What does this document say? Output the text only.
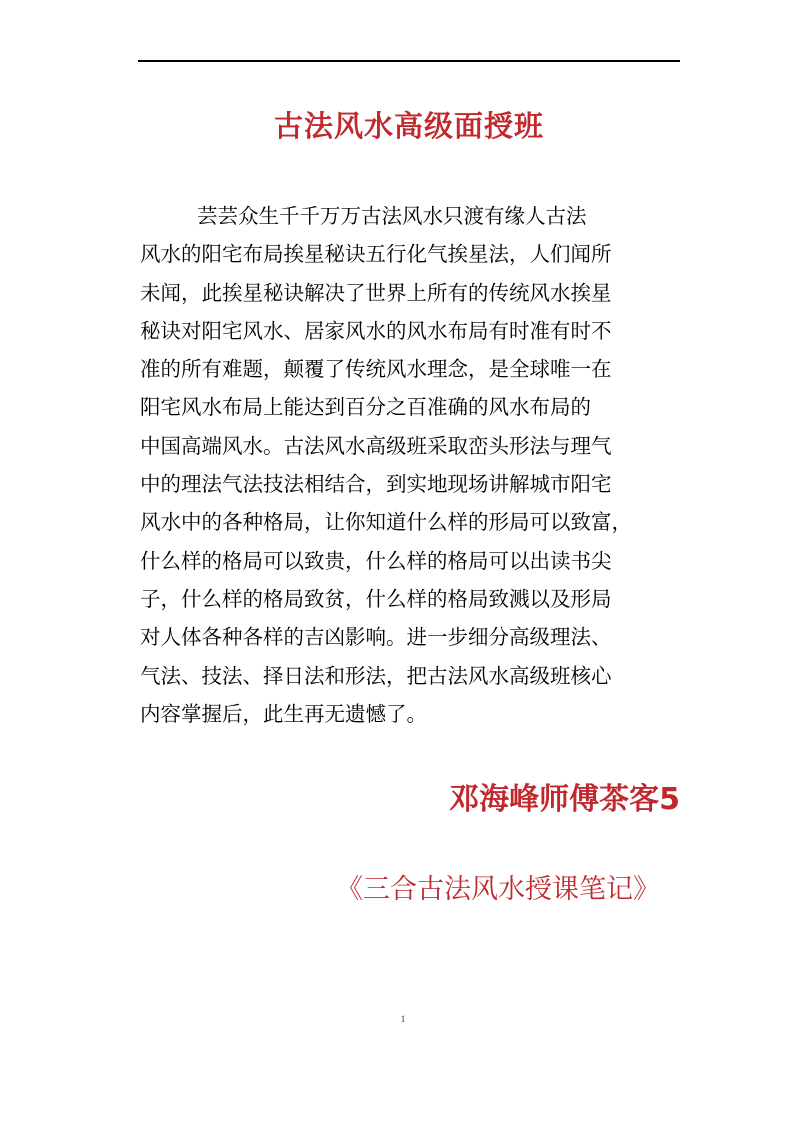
古法风水高级面授班
芸芸众生千千万万古法风水只渡有缘人古法
风水的阳宅布局挨星秘诀五行化气挨星法，人们闻所
未闻，此挨星秘诀解决了世界上所有的传统风水挨星
秘诀对阳宅风水、居家风水的风水布局有时准有时不
准的所有难题，颠覆了传统风水理念，是全球唯一在
阳宅风水布局上能达到百分之百准确的风水布局的
中国高端风水。古法风水高级班采取峦头形法与理气
中的理法气法技法相结合，到实地现场讲解城市阳宅
风水中的各种格局，让你知道什么样的形局可以致富，
什么样的格局可以致贵，什么样的格局可以出读书尖
子，什么样的格局致贫，什么样的格局致溅以及形局
对人体各种各样的吉凶影响。进一步细分高级理法、
气法、技法、择日法和形法，把古法风水高级班核心
内容掌握后，此生再无遗憾了。
邓海峰师傅茶客5
《三合古法风水授课笔记》
1
